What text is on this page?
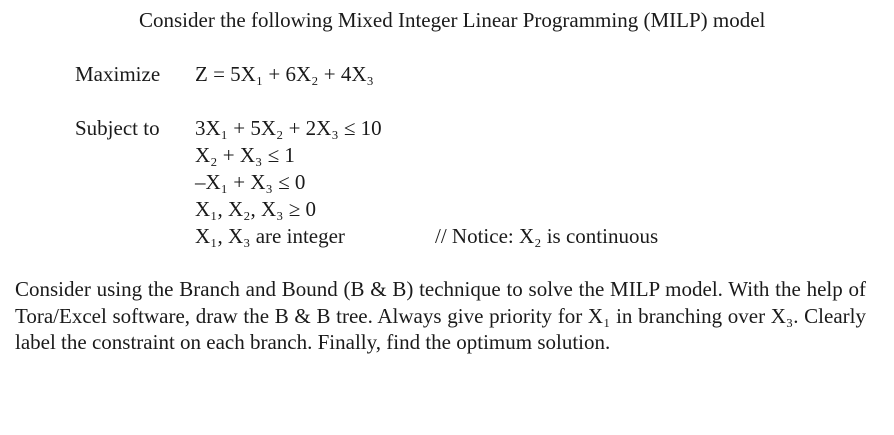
Consider the following Mixed Integer Linear Programming (MILP) model
Maximize Z = 5X₁ + 6X₂ + 4X₃
Subject to 3X₁ + 5X₂ + 2X₃ ≤ 10
X₂ + X₃ ≤ 1
–X₁ + X₃ ≤ 0
X₁, X₂, X₃ ≥ 0
X₁, X₃ are integer	// Notice: X₂ is continuous
Consider using the Branch and Bound (B & B) technique to solve the MILP model. With the help of Tora/Excel software, draw the B & B tree. Always give priority for X₁ in branching over X₃. Clearly label the constraint on each branch. Finally, find the optimum solution.
